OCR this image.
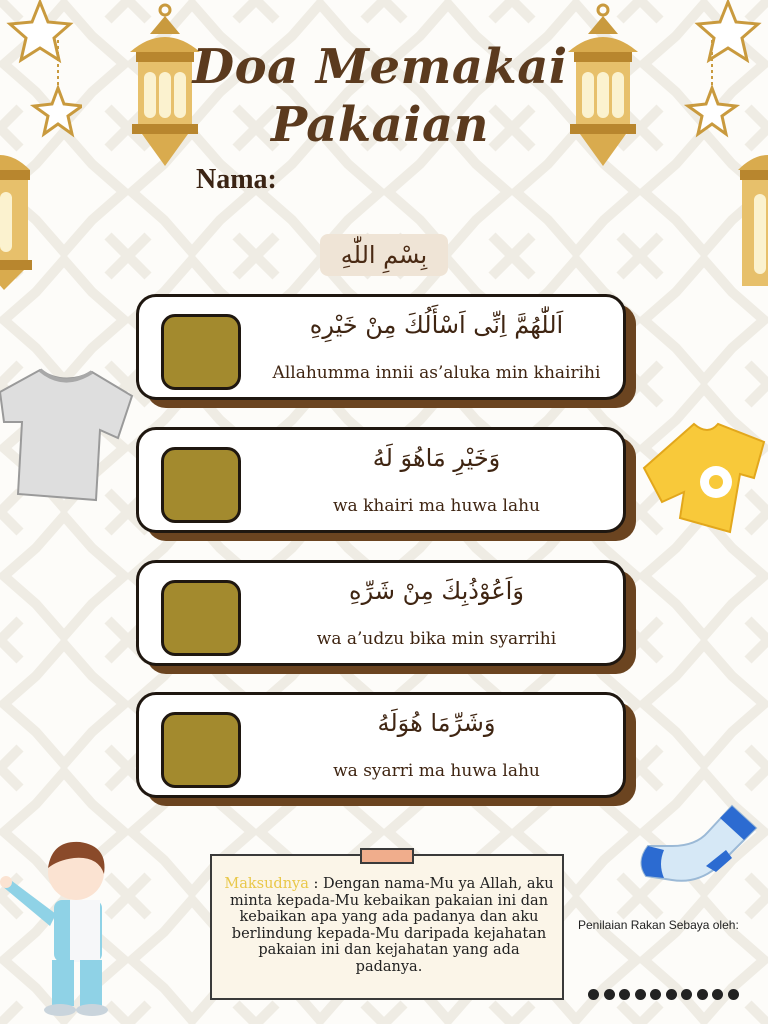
Doa Memakai
Pakaian
Nama:
بِسْمِ اللّٰهِ
اَللّٰهُمَّ اِنِّى اَسْأَلُكَ مِنْ خَيْرِهِ
Allahumma innii as’aluka min khairihi
وَخَيْرِ مَاهُوَ لَهُ
wa khairi ma huwa lahu
وَاَعُوْذُبِكَ مِنْ شَرِّهِ
wa a’udzu bika min syarrihi
وَشَرِّمَا هُوَلَهُ
wa syarri ma huwa lahu
Maksudnya : Dengan nama-Mu ya Allah, aku minta kepada-Mu kebaikan pakaian ini dan kebaikan apa yang ada padanya dan aku berlindung kepada-Mu daripada kejahatan pakaian ini dan kejahatan yang ada padanya.
Penilaian Rakan Sebaya oleh:
